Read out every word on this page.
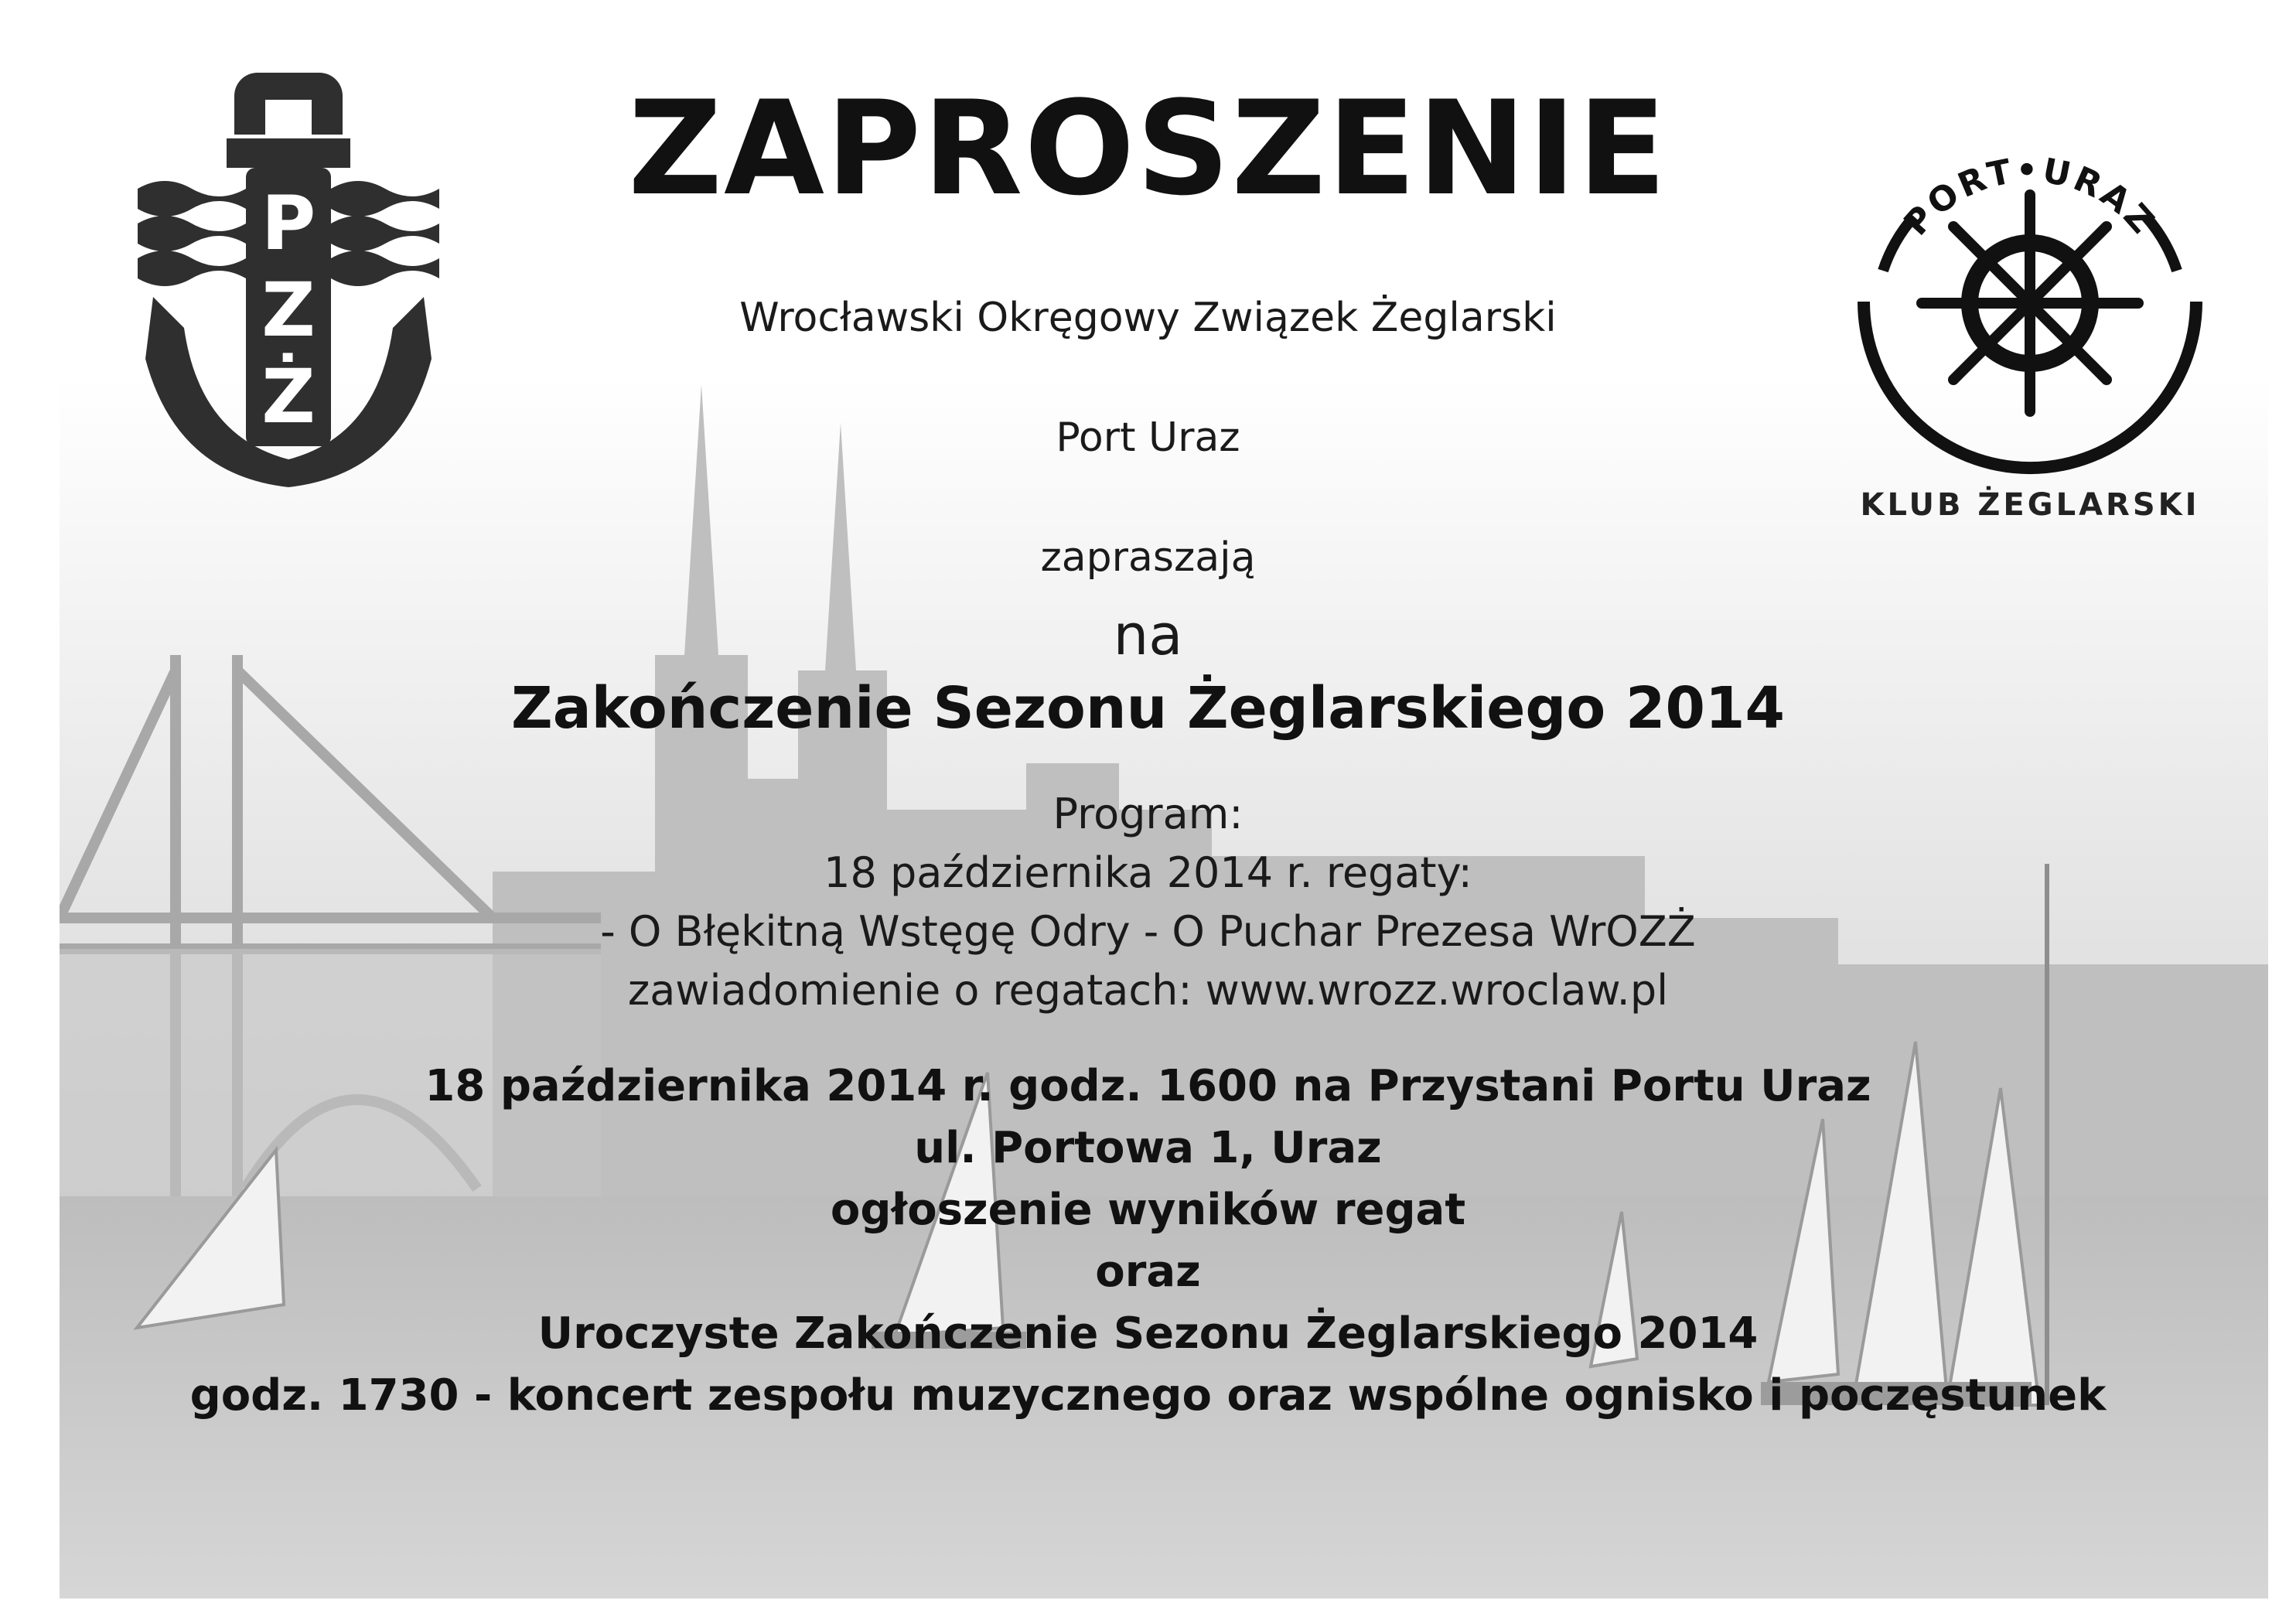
P
Z
Ż
PORT•URAZ
KLUB ŻEGLARSKI
ZAPROSZENIE
Wrocławski Okręgowy Związek Żeglarski
Port Uraz
zapraszają
na
Zakończenie Sezonu Żeglarskiego 2014
Program:
18 października 2014 r. regaty:
- O Błękitną Wstęgę Odry - O Puchar Prezesa WrOZŻ
zawiadomienie o regatach: www.wrozz.wroclaw.pl
18 października 2014 r. godz. 1600 na Przystani Portu Uraz
ul. Portowa 1, Uraz
ogłoszenie wyników regat
oraz
Uroczyste Zakończenie Sezonu Żeglarskiego 2014
godz. 1730 - koncert zespołu muzycznego oraz wspólne ognisko i poczęstunek
